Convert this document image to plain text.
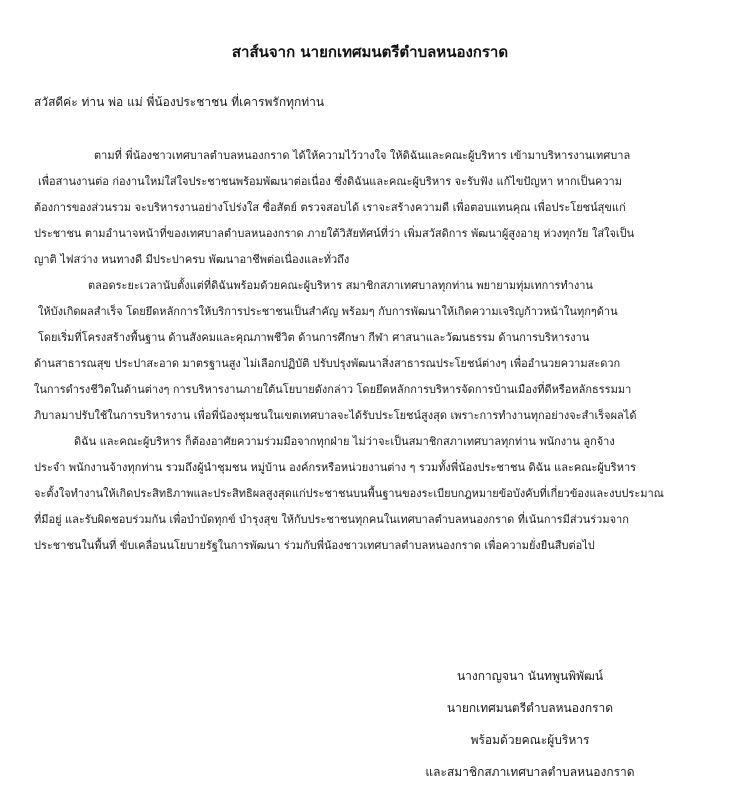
สาส์นจาก นายกเทศมนตรีตำบลหนองกราด
สวัสดีค่ะ ท่าน พ่อ แม่ พี่น้องประชาชน ที่เคารพรักทุกท่าน
ตามที่ พี่น้องชาวเทศบาลตำบลหนองกราด ได้ให้ความไว้วางใจ ให้ดิฉันและคณะผู้บริหาร เข้ามาบริหารงานเทศบาล
เพื่อสานงานต่อ ก่องานใหม่ใส่ใจประชาชนพร้อมพัฒนาต่อเนื่อง ซึ่งดิฉันและคณะผู้บริหาร จะรับฟัง แก้ไขปัญหา หากเป็นความ
ต้องการของส่วนรวม จะบริหารงานอย่างโปร่งใส ซื่อสัตย์ ตรวจสอบได้ เราจะสร้างความดี เพื่อตอบแทนคุณ เพื่อประโยชน์สุขแก่
ประชาชน ตามอำนาจหน้าที่ของเทศบาลตำบลหนองกราด ภายใต้วิสัยทัศน์ที่ว่า เพิ่มสวัสดิการ พัฒนาผู้สูงอายุ ห่วงทุกวัย ใส่ใจเป็น
ญาติ ไฟสว่าง หนทางดี มีประปาครบ พัฒนาอาชีพต่อเนื่องและทั่วถึง
ตลอดระยะเวลานับตั้งแต่ที่ดิฉันพร้อมด้วยคณะผู้บริหาร สมาชิกสภาเทศบาลทุกท่าน พยายามทุ่มเทการทำงาน
ให้บังเกิดผลสำเร็จ โดยยึดหลักการให้บริการประชาชนเป็นสำคัญ พร้อมๆ กับการพัฒนาให้เกิดความเจริญก้าวหน้าในทุกๆด้าน
โดยเริ่มที่โครงสร้างพื้นฐาน ด้านสังคมและคุณภาพชีวิต ด้านการศึกษา กีฬา ศาสนาและวัฒนธรรม ด้านการบริหารงาน
ด้านสาธารณสุข ประปาสะอาด มาตรฐานสูง ไม่เลือกปฏิบัติ ปรับปรุงพัฒนาสิ่งสาธารณประโยชน์ต่างๆ เพื่ออำนวยความสะดวก
ในการดำรงชีวิตในด้านต่างๆ การบริหารงานภายใต้นโยบายดังกล่าว โดยยึดหลักการบริหารจัดการบ้านเมืองที่ดีหรือหลักธรรมมา
ภิบาลมาปรับใช้ในการบริหารงาน เพื่อพี่น้องชุมชนในเขตเทศบาลจะได้รับประโยชน์สูงสุด เพราะการทำงานทุกอย่างจะสำเร็จผลได้
ดิฉัน และคณะผู้บริหาร ก็ต้องอาศัยความร่วมมือจากทุกฝ่าย ไม่ว่าจะเป็นสมาชิกสภาเทศบาลทุกท่าน พนักงาน ลูกจ้าง
ประจำ พนักงานจ้างทุกท่าน รวมถึงผู้นำชุมชน หมู่บ้าน องค์กรหรือหน่วยงานต่าง ๆ รวมทั้งพี่น้องประชาชน ดิฉัน และคณะผู้บริหาร
จะตั้งใจทำงานให้เกิดประสิทธิภาพและประสิทธิผลสูงสุดแก่ประชาชนบนพื้นฐานของระเบียบกฎหมายข้อบังคับที่เกี่ยวข้องและงบประมาณ
ที่มีอยู่ และรับผิดชอบร่วมกัน เพื่อบำบัดทุกข์ บำรุงสุข ให้กับประชาชนทุกคนในเทศบาลตำบลหนองกราด ที่เน้นการมีส่วนร่วมจาก
ประชาชนในพื้นที่ ขับเคลื่อนนโยบายรัฐในการพัฒนา ร่วมกับพี่น้องชาวเทศบาลตำบลหนองกราด เพื่อความยั่งยืนสืบต่อไป
นางกาญจนา นันทพูนพิพัฒน์
นายกเทศมนตรีตำบลหนองกราด
พร้อมด้วยคณะผู้บริหาร
และสมาชิกสภาเทศบาลตำบลหนองกราด
